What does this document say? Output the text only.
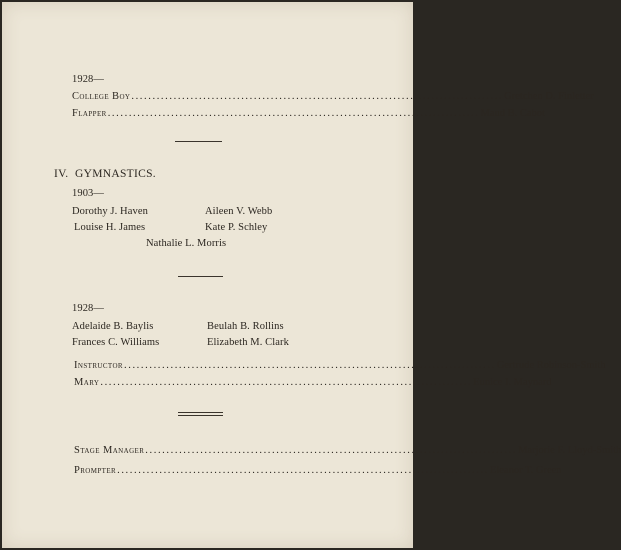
1928—
College Boy ........................................................................................ Gretchen D. Finletter
Flapper ........................................................................................ Maud B. Cabot
IV. GYMNASTICS.
1903—
Dorothy J. Haven	Aileen V. Webb
Louise H. James	Kate P. Schley
Nathalie L. Morris
1928—
Adelaide B. Baylis	Beulah B. Rollins
Frances C. Williams	Elizabeth M. Clark
Instructor ........................................................................................ Gertrude Robinson-Smith
Mary ........................................................................................ Eunice I. Maynard
Stage Manager ........................................................................................ Marjorie F. Lloyd-Smith
Prompter ........................................................................................ Eleanor T. Green
